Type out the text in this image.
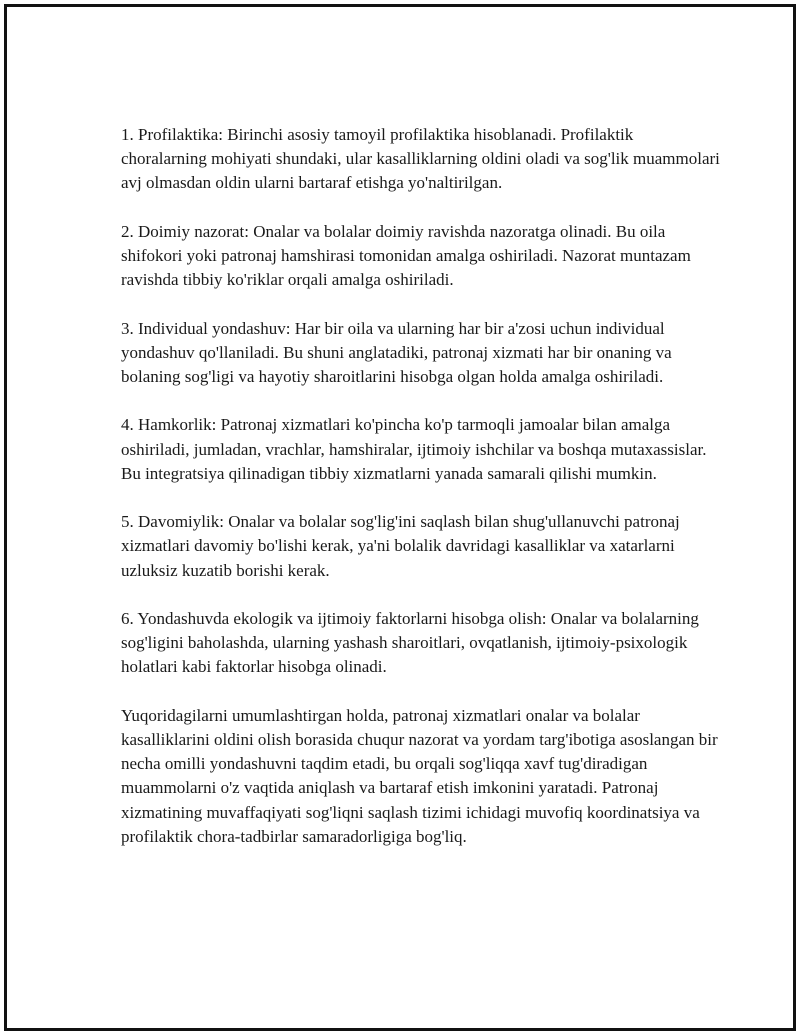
1. Profilaktika: Birinchi asosiy tamoyil profilaktika hisoblanadi. Profilaktik choralarning mohiyati shundaki, ular kasalliklarning oldini oladi va sog'lik muammolari avj olmasdan oldin ularni bartaraf etishga yo'naltirilgan.

2. Doimiy nazorat: Onalar va bolalar doimiy ravishda nazoratga olinadi. Bu oila shifokori yoki patronaj hamshirasi tomonidan amalga oshiriladi. Nazorat muntazam ravishda tibbiy ko'riklar orqali amalga oshiriladi.

3. Individual yondashuv: Har bir oila va ularning har bir a'zosi uchun individual yondashuv qo'llaniladi. Bu shuni anglatadiki, patronaj xizmati har bir onaning va bolaning sog'ligi va hayotiy sharoitlarini hisobga olgan holda amalga oshiriladi.

4. Hamkorlik: Patronaj xizmatlari ko'pincha ko'p tarmoqli jamoalar bilan amalga oshiriladi, jumladan, vrachlar, hamshiralar, ijtimoiy ishchilar va boshqa mutaxassislar. Bu integratsiya qilinadigan tibbiy xizmatlarni yanada samarali qilishi mumkin.

5. Davomiylik: Onalar va bolalar sog'lig'ini saqlash bilan shug'ullanuvchi patronaj xizmatlari davomiy bo'lishi kerak, ya'ni bolalik davridagi kasalliklar va xatarlarni uzluksiz kuzatib borishi kerak.

6. Yondashuvda ekologik va ijtimoiy faktorlarni hisobga olish: Onalar va bolalarning sog'ligini baholashda, ularning yashash sharoitlari, ovqatlanish, ijtimoiy-psixologik holatlari kabi faktorlar hisobga olinadi.

Yuqoridagilarni umumlashtirgan holda, patronaj xizmatlari onalar va bolalar kasalliklarini oldini olish borasida chuqur nazorat va yordam targ'ibotiga asoslangan bir necha omilli yondashuvni taqdim etadi, bu orqali sog'liqqa xavf tug'diradigan muammolarni o'z vaqtida aniqlash va bartaraf etish imkonini yaratadi. Patronaj xizmatining muvaffaqiyati sog'liqni saqlash tizimi ichidagi muvofiq koordinatsiya va profilaktik chora-tadbirlar samaradorligiga bog'liq.
